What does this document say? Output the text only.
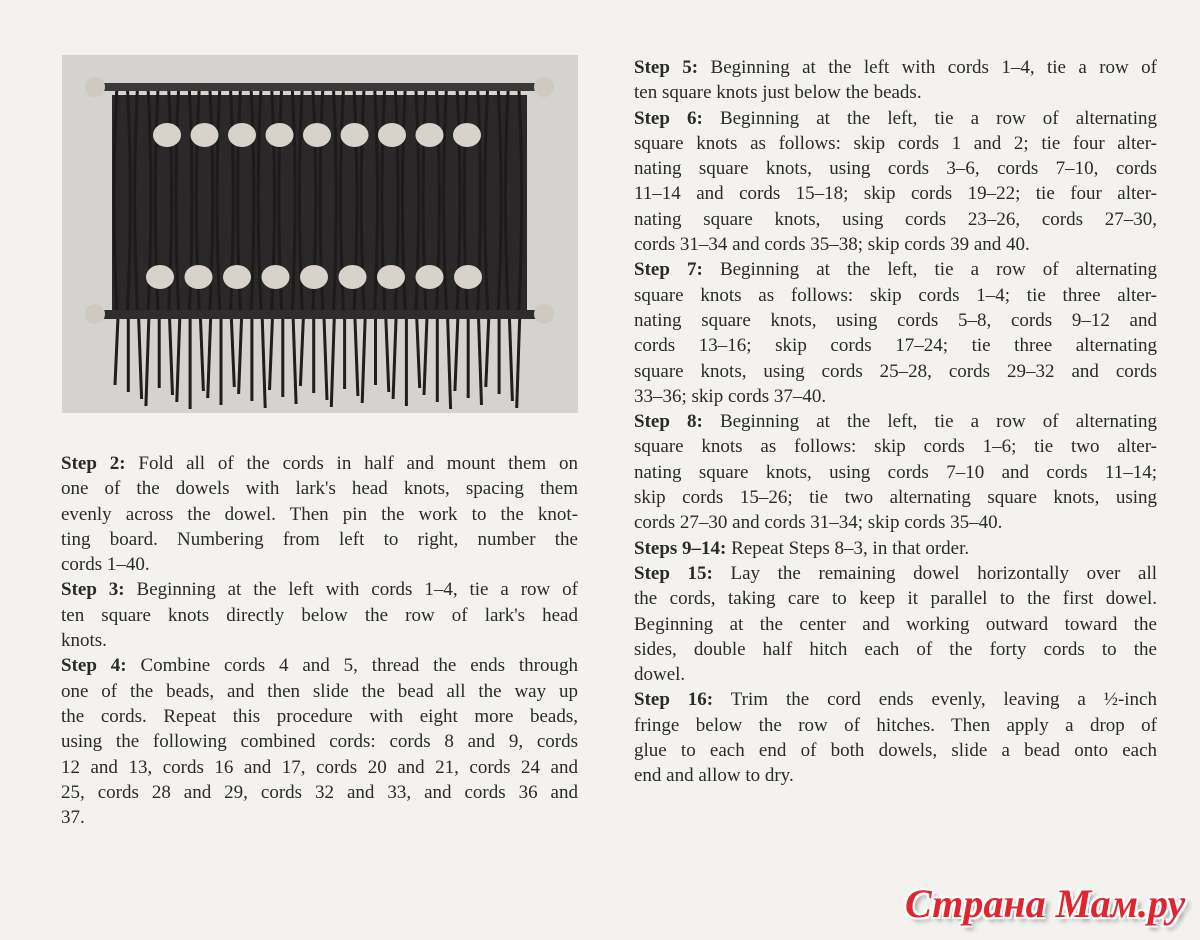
Step 2: Fold all of the cords in half and mount them on
one of the dowels with lark's head knots, spacing them
evenly across the dowel. Then pin the work to the knot-
ting board. Numbering from left to right, number the
cords 1–40.
Step 3: Beginning at the left with cords 1–4, tie a row of
ten square knots directly below the row of lark's head
knots.
Step 4: Combine cords 4 and 5, thread the ends through
one of the beads, and then slide the bead all the way up
the cords. Repeat this procedure with eight more beads,
using the following combined cords: cords 8 and 9, cords
12 and 13, cords 16 and 17, cords 20 and 21, cords 24 and
25, cords 28 and 29, cords 32 and 33, and cords 36 and
37.
Step 5: Beginning at the left with cords 1–4, tie a row of
ten square knots just below the beads.
Step 6: Beginning at the left, tie a row of alternating
square knots as follows: skip cords 1 and 2; tie four alter-
nating square knots, using cords 3–6, cords 7–10, cords
11–14 and cords 15–18; skip cords 19–22; tie four alter-
nating square knots, using cords 23–26, cords 27–30,
cords 31–34 and cords 35–38; skip cords 39 and 40.
Step 7: Beginning at the left, tie a row of alternating
square knots as follows: skip cords 1–4; tie three alter-
nating square knots, using cords 5–8, cords 9–12 and
cords 13–16; skip cords 17–24; tie three alternating
square knots, using cords 25–28, cords 29–32 and cords
33–36; skip cords 37–40.
Step 8: Beginning at the left, tie a row of alternating
square knots as follows: skip cords 1–6; tie two alter-
nating square knots, using cords 7–10 and cords 11–14;
skip cords 15–26; tie two alternating square knots, using
cords 27–30 and cords 31–34; skip cords 35–40.
Steps 9–14: Repeat Steps 8–3, in that order.
Step 15: Lay the remaining dowel horizontally over all
the cords, taking care to keep it parallel to the first dowel.
Beginning at the center and working outward toward the
sides, double half hitch each of the forty cords to the
dowel.
Step 16: Trim the cord ends evenly, leaving a ½-inch
fringe below the row of hitches. Then apply a drop of
glue to each end of both dowels, slide a bead onto each
end and allow to dry.
Страна Мам.ру
